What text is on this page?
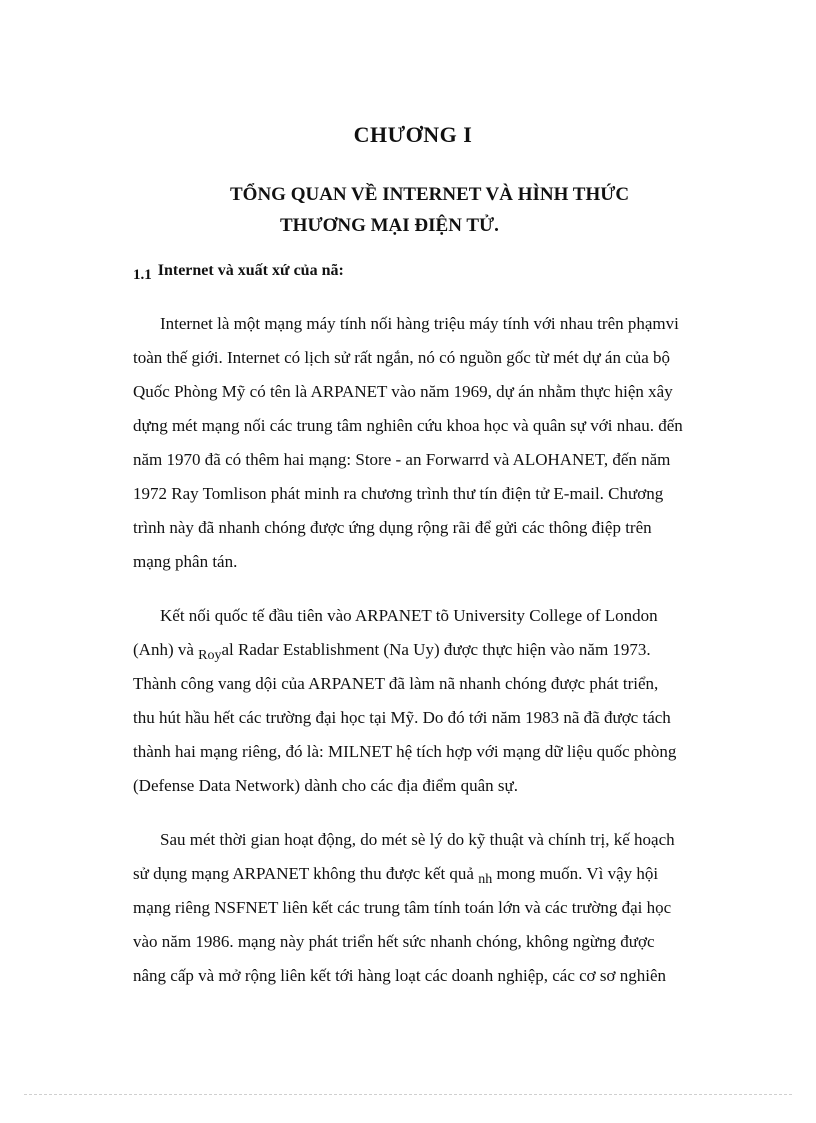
CHƯƠNG I
TỔNG QUAN VỀ INTERNET VÀ HÌNH THỨC
THƯƠNG MẠI ĐIỆN TỬ.
1.1 Internet và xuất xứ của nã:
Internet là một mạng máy tính nối hàng triệu máy tính với nhau trên phạmvi
toàn thế giới. Internet có lịch sử rất ngắn, nó có nguồn gốc từ mét dự án của bộ
Quốc Phòng Mỹ có tên là ARPANET vào năm 1969, dự án nhằm thực hiện xây
dựng mét mạng nối các trung tâm nghiên cứu khoa học và quân sự với nhau. đến
năm 1970 đã có thêm hai mạng: Store - an Forwarrd và ALOHANET, đến năm
1972 Ray Tomlison phát minh ra chương trình thư tín điện tử E-mail. Chương
trình này đã nhanh chóng được ứng dụng rộng rãi để gửi các thông điệp trên
mạng phân tán.
Kết nối quốc tế đầu tiên vào ARPANET tõ University College of London
(Anh) và $_{Roy}$al Radar Establishment (Na Uy) được thực hiện vào năm 1973.
Thành công vang dội của ARPANET đã làm nã nhanh chóng được phát triển,
thu hút hầu hết các trường đại học tại Mỹ. Do đó tới năm 1983 nã đã được tách
thành hai mạng riêng, đó là: MILNET hệ tích hợp với mạng dữ liệu quốc phòng
(Defense Data Network) dành cho các địa điểm quân sự.
Sau mét thời gian hoạt động, do mét sè lý do kỹ thuật và chính trị, kế hoạch
sử dụng mạng ARPANET không thu được kết quả $_{nh}$ mong muốn. Vì vậy hội
mạng riêng NSFNET liên kết các trung tâm tính toán lớn và các trường đại học
vào năm 1986. mạng này phát triển hết sức nhanh chóng, không ngừng được
nâng cấp và mở rộng liên kết tới hàng loạt các doanh nghiệp, các cơ sơ nghiên
